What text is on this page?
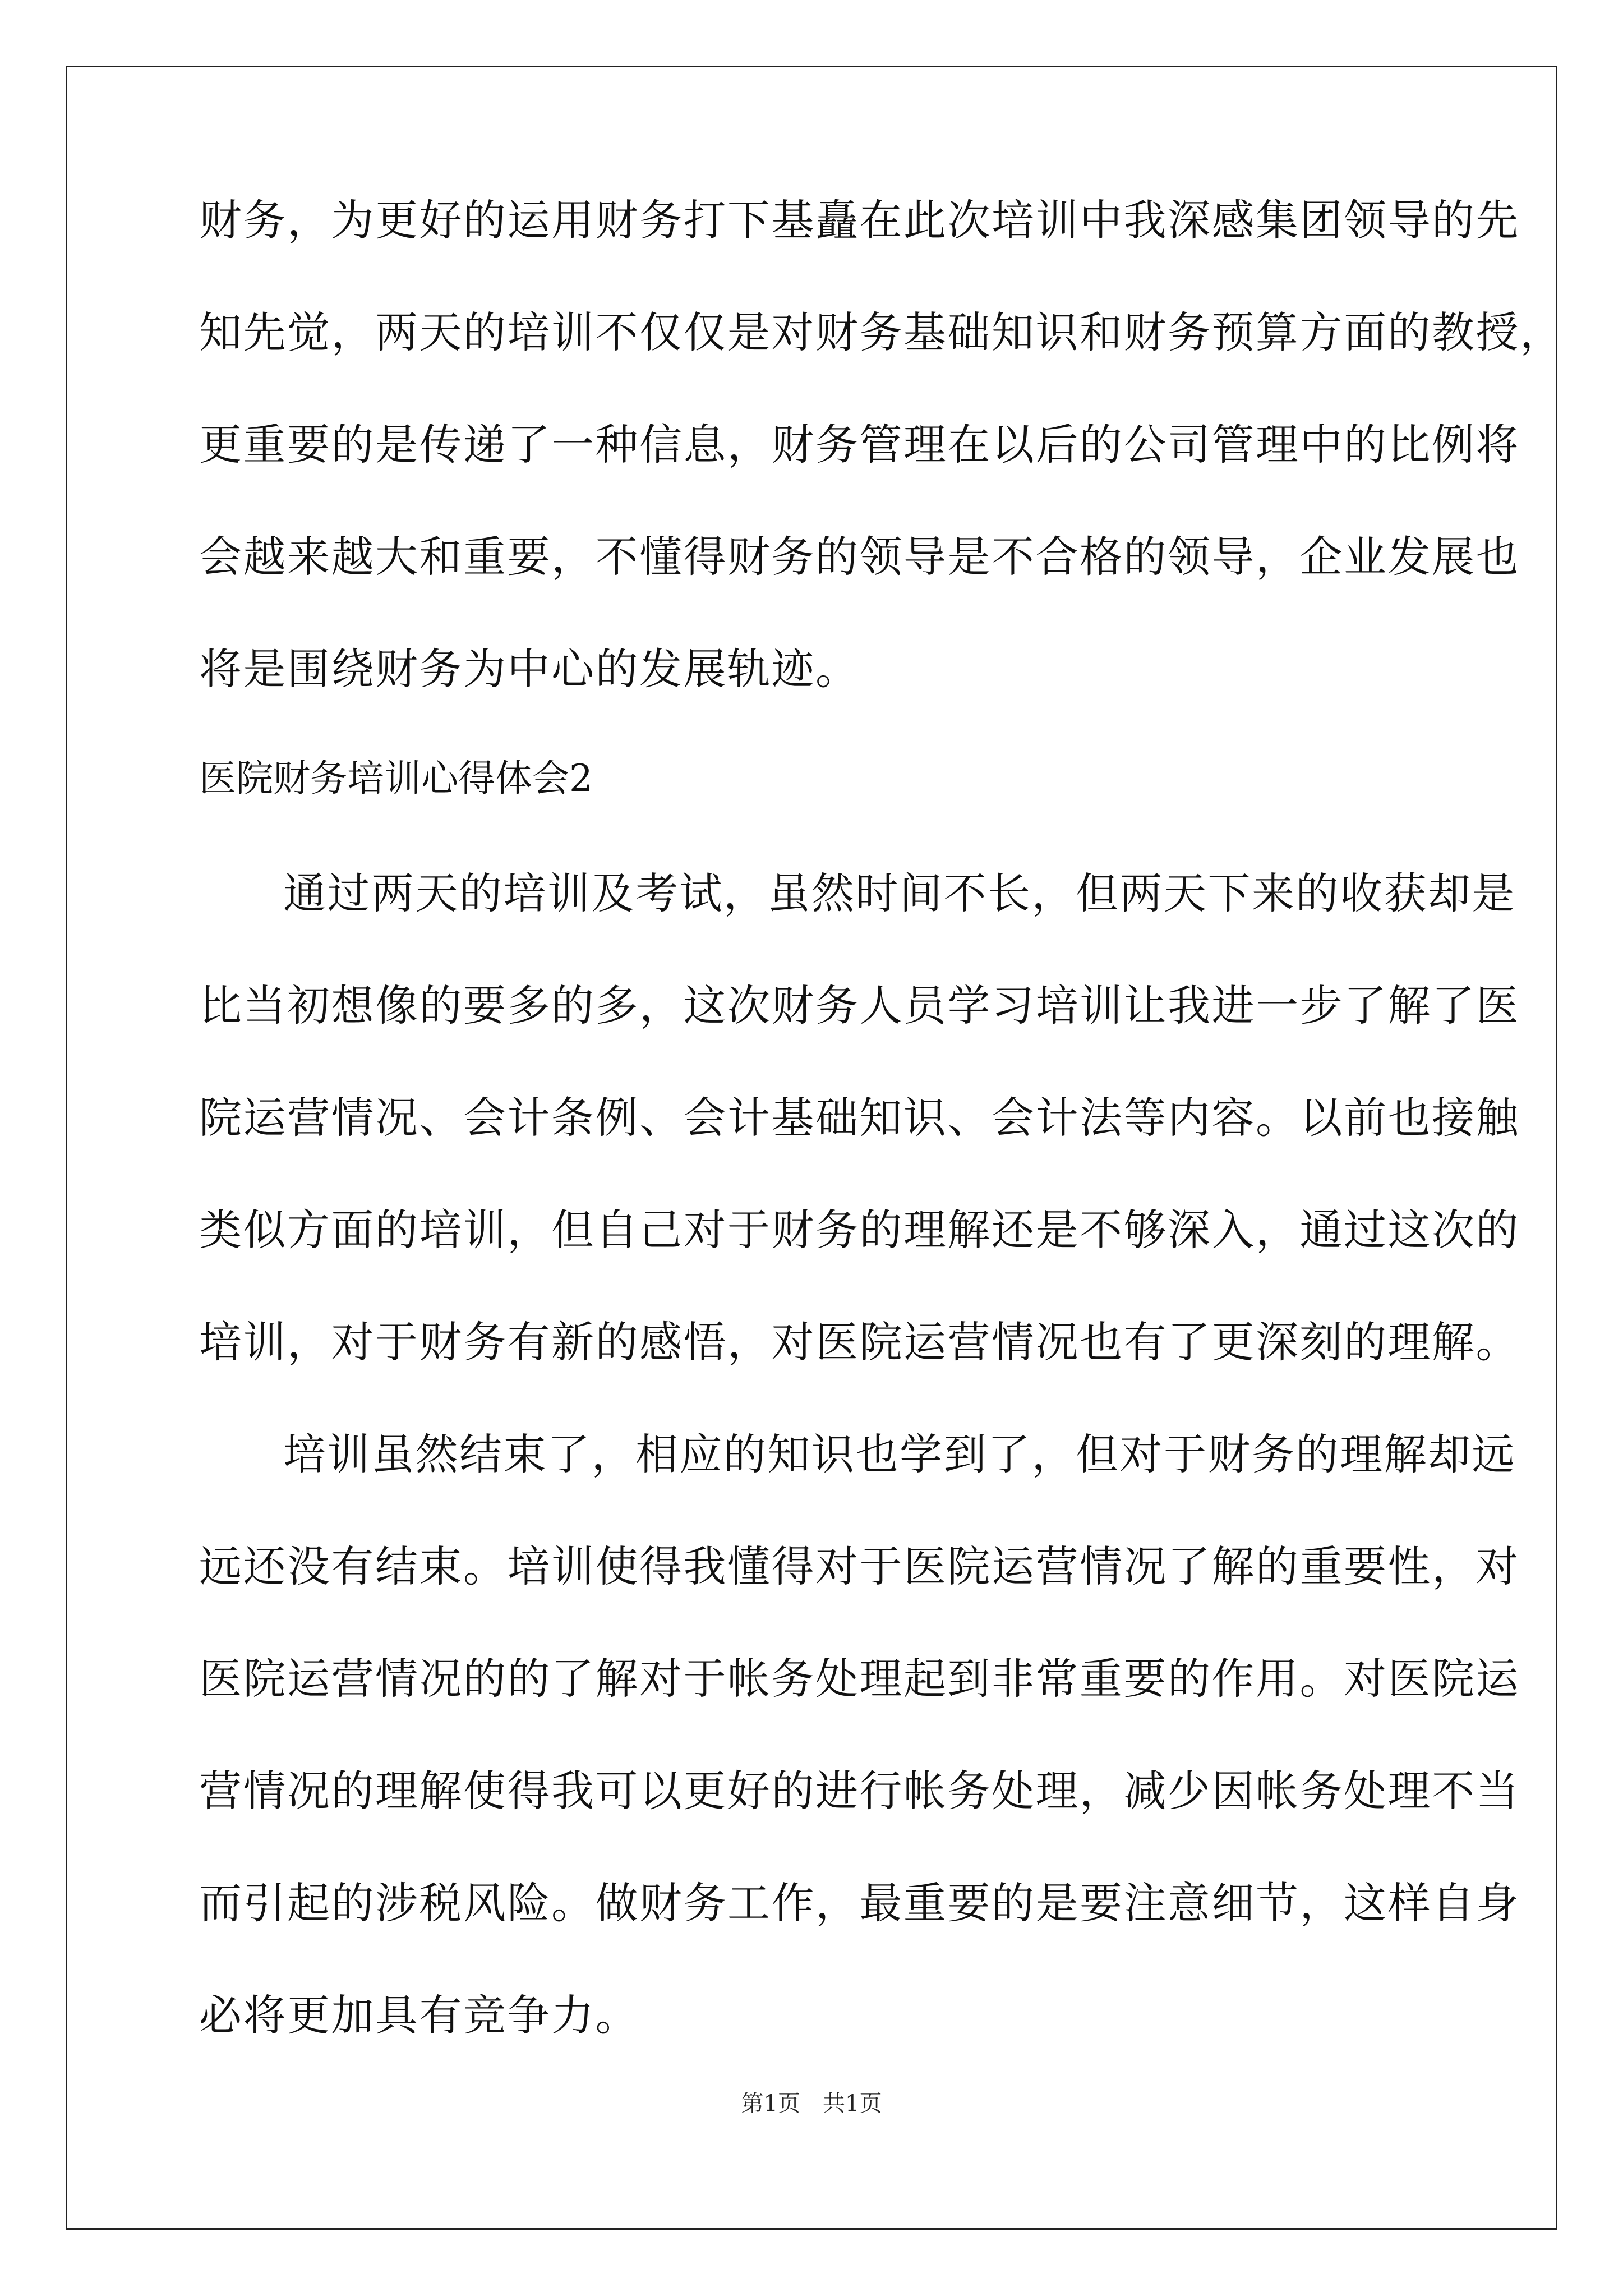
财务，为更好的运用财务打下基矗在此次培训中我深感集团领导的先
知先觉，两天的培训不仅仅是对财务基础知识和财务预算方面的教授，
更重要的是传递了一种信息，财务管理在以后的公司管理中的比例将
会越来越大和重要，不懂得财务的领导是不合格的领导，企业发展也
将是围绕财务为中心的发展轨迹。
医院财务培训心得体会2
通过两天的培训及考试，虽然时间不长，但两天下来的收获却是
比当初想像的要多的多，这次财务人员学习培训让我进一步了解了医
院运营情况、会计条例、会计基础知识、会计法等内容。以前也接触
类似方面的培训，但自己对于财务的理解还是不够深入，通过这次的
培训，对于财务有新的感悟，对医院运营情况也有了更深刻的理解。
培训虽然结束了，相应的知识也学到了，但对于财务的理解却远
远还没有结束。培训使得我懂得对于医院运营情况了解的重要性，对
医院运营情况的的了解对于帐务处理起到非常重要的作用。对医院运
营情况的理解使得我可以更好的进行帐务处理，减少因帐务处理不当
而引起的涉税风险。做财务工作，最重要的是要注意细节，这样自身
必将更加具有竞争力。
第1页　共1页
